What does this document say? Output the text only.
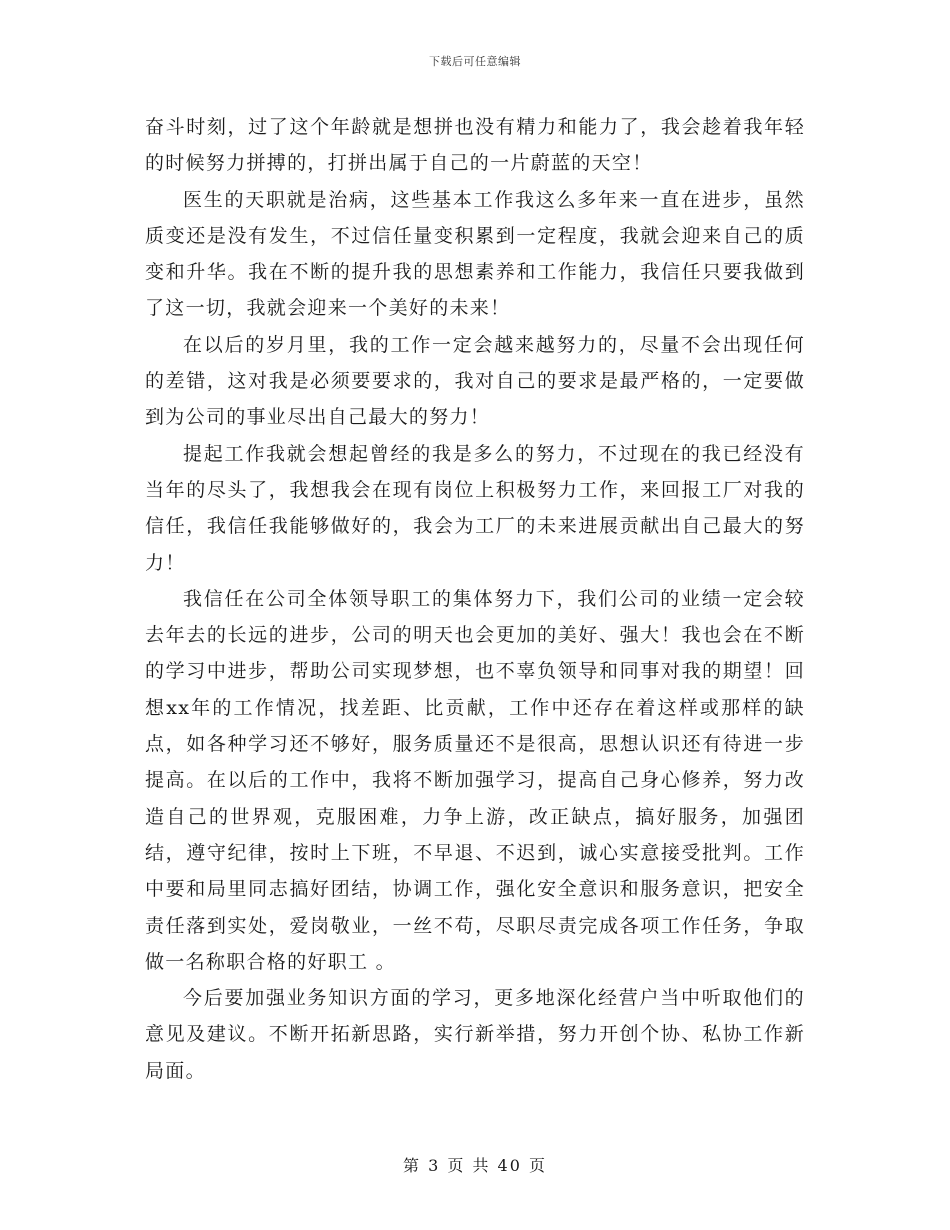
下载后可任意编辑

奋斗时刻，过了这个年龄就是想拼也没有精力和能力了，我会趁着我年轻的时候努力拼搏的，打拼出属于自己的一片蔚蓝的天空！

医生的天职就是治病，这些基本工作我这么多年来一直在进步，虽然质变还是没有发生，不过信任量变积累到一定程度，我就会迎来自己的质变和升华。我在不断的提升我的思想素养和工作能力，我信任只要我做到了这一切，我就会迎来一个美好的未来！

在以后的岁月里，我的工作一定会越来越努力的，尽量不会出现任何的差错，这对我是必须要要求的，我对自己的要求是最严格的，一定要做到为公司的事业尽出自己最大的努力！

提起工作我就会想起曾经的我是多么的努力，不过现在的我已经没有当年的尽头了，我想我会在现有岗位上积极努力工作，来回报工厂对我的信任，我信任我能够做好的，我会为工厂的未来进展贡献出自己最大的努力！

我信任在公司全体领导职工的集体努力下，我们公司的业绩一定会较去年去的长远的进步，公司的明天也会更加的美好、强大！我也会在不断的学习中进步，帮助公司实现梦想，也不辜负领导和同事对我的期望！回想xx年的工作情况，找差距、比贡献，工作中还存在着这样或那样的缺点，如各种学习还不够好，服务质量还不是很高，思想认识还有待进一步提高。在以后的工作中，我将不断加强学习，提高自己身心修养，努力改造自己的世界观，克服困难，力争上游，改正缺点，搞好服务，加强团结，遵守纪律，按时上下班，不早退、不迟到，诚心实意接受批判。工作中要和局里同志搞好团结，协调工作，强化安全意识和服务意识，把安全责任落到实处，爱岗敬业，一丝不苟，尽职尽责完成各项工作任务，争取做一名称职合格的好职工 。

今后要加强业务知识方面的学习，更多地深化经营户当中听取他们的意见及建议。不断开拓新思路，实行新举措，努力开创个协、私协工作新局面。

第 3 页 共 40 页
